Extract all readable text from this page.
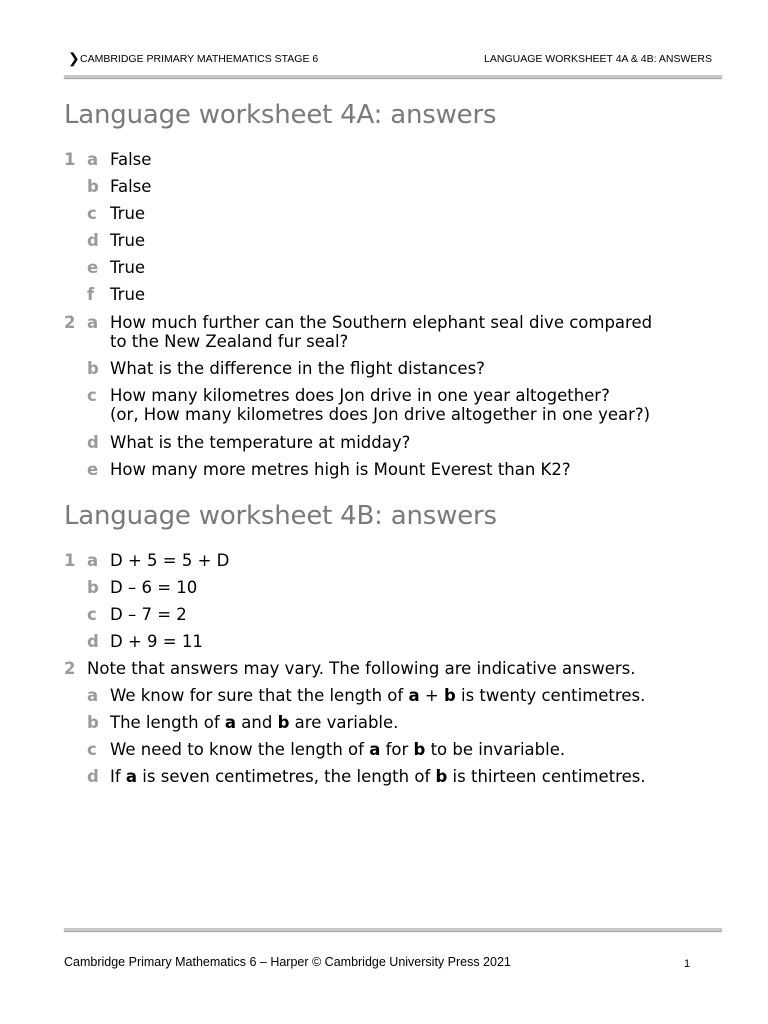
❯ CAMBRIDGE PRIMARY MATHEMATICS STAGE 6	LANGUAGE WORKSHEET 4A & 4B: ANSWERS
Language worksheet 4A: answers
1 a False
b False
c True
d True
e True
f True
2 a How much further can the Southern elephant seal dive compared
to the New Zealand fur seal?
b What is the difference in the flight distances?
c How many kilometres does Jon drive in one year altogether?
(or, How many kilometres does Jon drive altogether in one year?)
d What is the temperature at midday?
e How many more metres high is Mount Everest than K2?
Language worksheet 4B: answers
1 a D + 5 = 5 + D
b D – 6 = 10
c D – 7 = 2
d D + 9 = 11
2 Note that answers may vary. The following are indicative answers.
a We know for sure that the length of a + b is twenty centimetres.
b The length of a and b are variable.
c We need to know the length of a for b to be invariable.
d If a is seven centimetres, the length of b is thirteen centimetres.
Cambridge Primary Mathematics 6 – Harper © Cambridge University Press 2021	1
